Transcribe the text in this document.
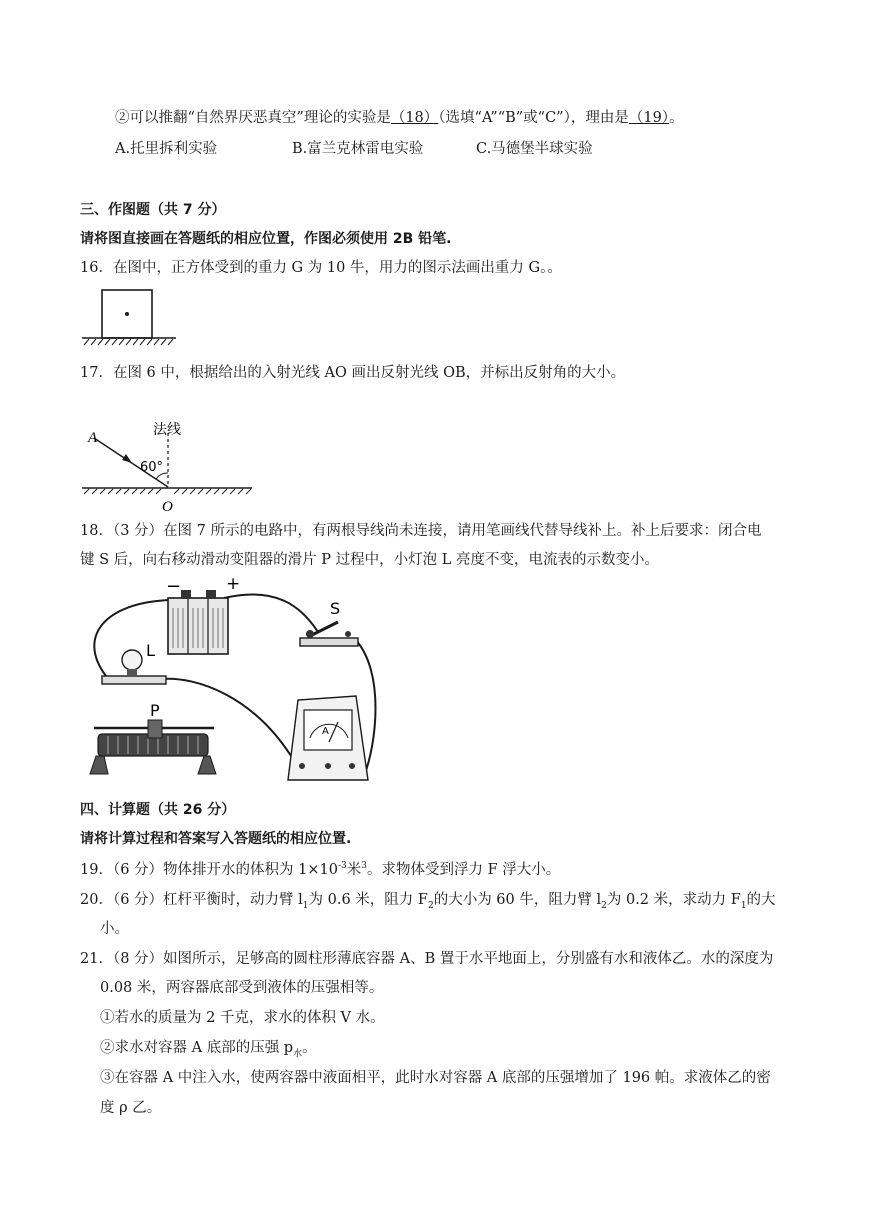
②可以推翻“自然界厌恶真空”理论的实验是（18）（选填“A”“B”或“C”），理由是（19）。
A.托里拆利实验	B.富兰克林雷电实验	C.马德堡半球实验
三、作图题（共 7 分）
请将图直接画在答题纸的相应位置，作图必须使用 2B 铅笔.
16．在图中，正方体受到的重力 G 为 10 牛，用力的图示法画出重力 G。。
17．在图 6 中，根据给出的入射光线 AO 画出反射光线 OB，并标出反射角的大小。
A	法线
60°
O
18．（3 分）在图 7 所示的电路中，有两根导线尚未连接，请用笔画线代替导线补上。补上后要求：闭合电
键 S 后，向右移动滑动变阻器的滑片 P 过程中，小灯泡 L 亮度不变，电流表的示数变小。
−	+
S
L
P
A
四、计算题（共 26 分）
请将计算过程和答案写入答题纸的相应位置.
19．（6 分）物体排开水的体积为 $1\times 10^{-3}$米$^3$。求物体受到浮力 F 浮大小。
20．（6 分）杠杆平衡时，动力臂 $l_1$为 0.6 米，阻力 $F_2$的大小为 60 牛，阻力臂 $l_2$为 0.2 米，求动力 $F_1$的大
小。
21．（8 分）如图所示，足够高的圆柱形薄底容器 A、B 置于水平地面上，分别盛有水和液体乙。水的深度为
0.08 米，两容器底部受到液体的压强相等。
①若水的质量为 2 千克，求水的体积 V 水。
②求水对容器 A 底部的压强 $p_水$。
③在容器 A 中注入水，使两容器中液面相平，此时水对容器 A 底部的压强增加了 196 帕。求液体乙的密
度 ρ 乙。
